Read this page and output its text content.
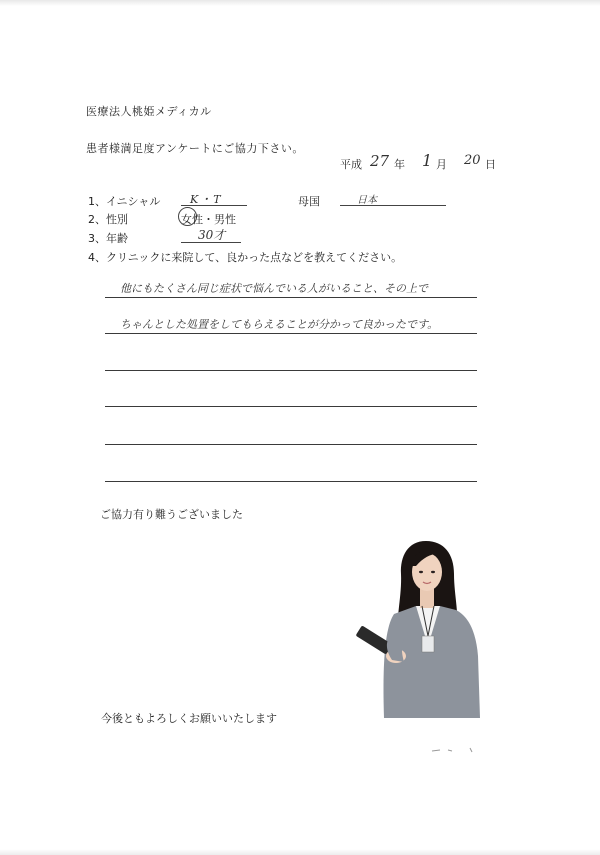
医療法人桃姫メディカル
患者様満足度アンケートにご協力下さい。
平成 27 年 1 月 20 日
1、イニシャル	K・T	母国	日本
2、性別	女性・男性
3、年齢	30才
4、クリニックに来院して、良かった点などを教えてください。
他にもたくさん同じ症状で悩んでいる人がいること、その上で
ちゃんとした処置をしてもらえることが分かって良かったです。
ご協力有り難うございました
今後ともよろしくお願いいたします
